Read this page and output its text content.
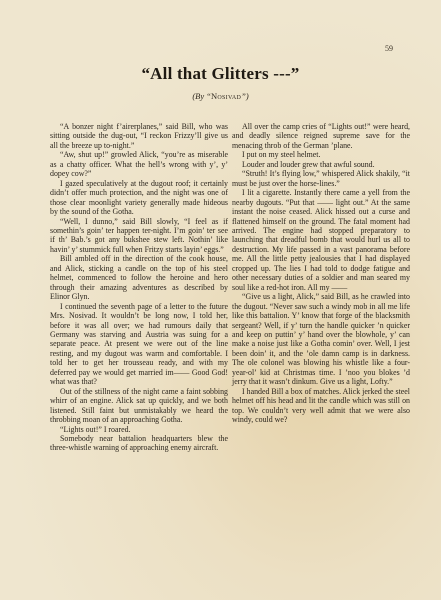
59
“All that Glitters ---”
(By “Nosivad”)

“A bonzer night f’airerplanes,” said Bill, who was sitting outside the dug-out, “I reckon Frizzy’ll give us all the breeze up to-night.”

“Aw, shut up!” growled Alick, “you’re as miserable as a chatty officer. What the hell’s wrong with y’, y’ dopey cow?”

I gazed speculatively at the dugout roof; it certainly didn’t offer much protection, and the night was one of those clear moonlight variety generally made hideous by the sound of the Gotha.

“Well, I dunno,” said Bill slowly, “I feel as if somethin’s goin’ ter happen ter-night. I’m goin’ ter see if th’ Bab.’s got any bukshee stew left. Nothin’ like havin’ y’ stummick full when Fritzy starts layin’ eggs.”

Bill ambled off in the direction of the cook house, and Alick, sticking a candle on the top of his steel helmet, commenced to follow the heroine and hero through their amazing adventures as described by Elinor Glyn.

I continued the seventh page of a letter to the future Mrs. Nosivad. It wouldn’t be long now, I told her, before it was all over; we had rumours daily that Germany was starving and Austria was suing for a separate peace. At present we were out of the line resting, and my dugout was warm and comfortable. I told her to get her trousseau ready, and with my deferred pay we would get married im—— Good God! what was that?

Out of the stillness of the night came a faint sobbing whirr of an engine. Alick sat up quickly, and we both listened. Still faint but unmistakably we heard the throbbing moan of an approaching Gotha.

“Lights out!” I roared.

Somebody near battalion headquarters blew the three-whistle warning of approaching enemy aircraft.

All over the camp cries of “Lights out!” were heard, and deadly silence reigned supreme save for the menacing throb of the German ’plane.

I put on my steel helmet.

Louder and louder grew that awful sound.

“Struth! It’s flying low,” whispered Alick shakily, “it must be just over the horse-lines.”

I lit a cigarette. Instantly there came a yell from the nearby dugouts. “Put that —— light out.” At the same instant the noise ceased. Alick hissed out a curse and flattened himself on the ground. The fatal moment had arrived. The engine had stopped preparatory to launching that dreadful bomb that would hurl us all to destruction. My life passed in a vast panorama before me. All the little petty jealousies that I had displayed cropped up. The lies I had told to dodge fatigue and other necessary duties of a soldier and man seared my soul like a red-hot iron. All my ——

“Give us a light, Alick,” said Bill, as he crawled into the dugout. “Never saw such a windy mob in all me life like this battalion. Y’ know that forge of the blacksmith sergeant? Well, if y’ turn the handle quicker ’n quicker and keep on puttin’ y’ hand over the blowhole, y’ can make a noise just like a Gotha comin’ over. Well, I jest been doin’ it, and the ’ole damn camp is in darkness. The ole colonel was blowing his whistle like a four-year-ol’ kid at Christmas time. I ’noo you blokes ’d jerry that it wasn’t dinkum. Give us a light, Lofty.”

I handed Bill a box of matches. Alick jerked the steel helmet off his head and lit the candle which was still on top. We couldn’t very well admit that we were also windy, could we?
